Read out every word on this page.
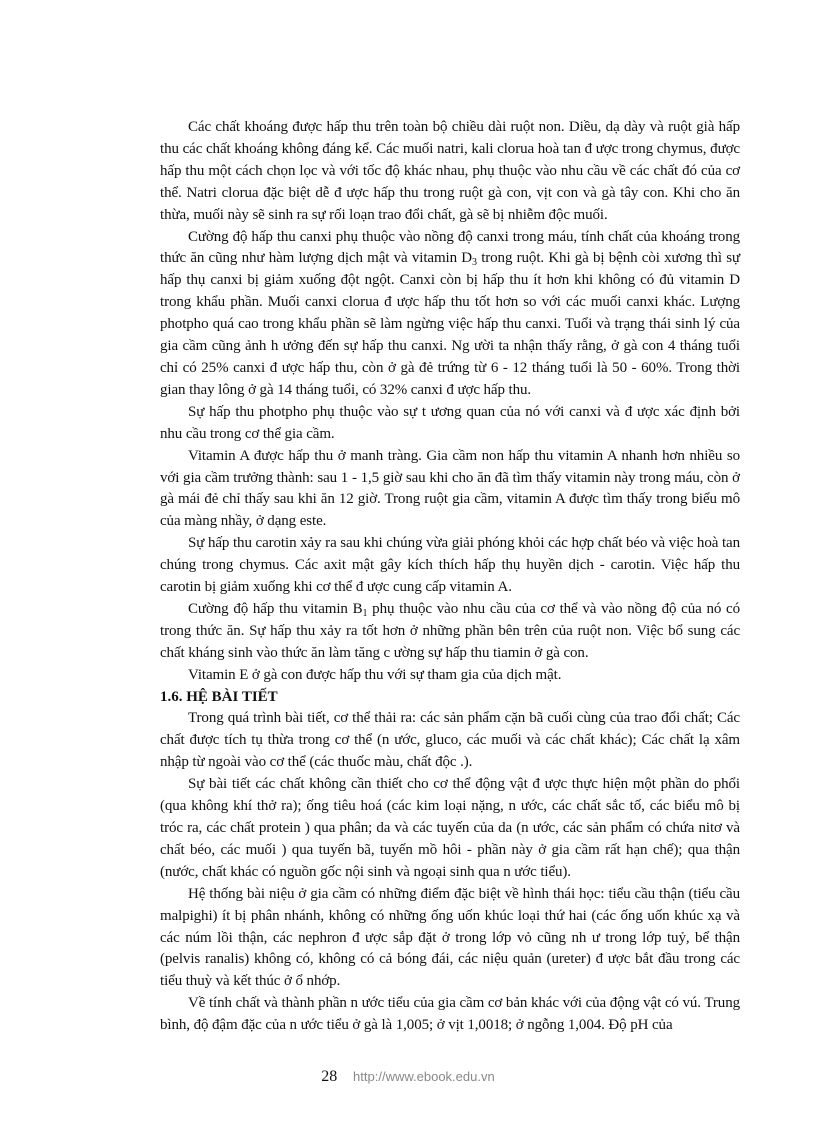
Các chất khoáng được hấp thu trên toàn bộ chiều dài ruột non. Diều, dạ dày và ruột già hấp thu các chất khoáng không đáng kể. Các muối natri, kali clorua hoà tan đ ược trong chymus, được hấp thu một cách chọn lọc và với tốc độ khác nhau, phụ thuộc vào nhu cầu về các chất đó của cơ thể. Natri clorua đặc biệt dễ đ ược hấp thu trong ruột gà con, vịt con và gà tây con. Khi cho ăn thừa, muối này sẽ sinh ra sự rối loạn trao đổi chất, gà sẽ bị nhiễm độc muối.

Cường độ hấp thu canxi phụ thuộc vào nồng độ canxi trong máu, tính chất của khoáng trong thức ăn cũng như hàm lượng dịch mật và vitamin $D_3$ trong ruột. Khi gà bị bệnh còi xương thì sự hấp thụ canxi bị giảm xuống đột ngột. Canxi còn bị hấp thu ít hơn khi không có đủ vitamin D trong khẩu phần. Muối canxi clorua đ ược hấp thu tốt hơn so với các muối canxi khác. Lượng photpho quá cao trong khẩu phần sẽ làm ngừng việc hấp thu canxi. Tuổi và trạng thái sinh lý của gia cầm cũng ảnh h ưởng đến sự hấp thu canxi. Ng ười ta nhận thấy rằng, ở gà con 4 tháng tuổi chỉ có 25% canxi đ ược hấp thu, còn ở gà đẻ trứng từ 6 - 12 tháng tuổi là 50 - 60%. Trong thời gian thay lông ở gà 14 tháng tuổi, có 32% canxi đ ược hấp thu.

Sự hấp thu photpho phụ thuộc vào sự t ương quan của nó với canxi và đ ược xác định bởi nhu cầu trong cơ thể gia cầm.

Vitamin A được hấp thu ở manh tràng. Gia cầm non hấp thu vitamin A nhanh hơn nhiều so với gia cầm trưởng thành: sau 1 - 1,5 giờ sau khi cho ăn đã tìm thấy vitamin này trong máu, còn ở gà mái đẻ chỉ thấy sau khi ăn 12 giờ. Trong ruột gia cầm, vitamin A được tìm thấy trong biểu mô của màng nhầy, ở dạng este.

Sự hấp thu carotin xảy ra sau khi chúng vừa giải phóng khỏi các hợp chất béo và việc hoà tan chúng trong chymus. Các axit mật gây kích thích hấp thụ huyền dịch - carotin. Việc hấp thu carotin bị giảm xuống khi cơ thể đ ược cung cấp vitamin A.

Cường độ hấp thu vitamin $B_1$ phụ thuộc vào nhu cầu của cơ thể và vào nồng độ của nó có trong thức ăn. Sự hấp thu xảy ra tốt hơn ở những phần bên trên của ruột non. Việc bổ sung các chất kháng sinh vào thức ăn làm tăng c ường sự hấp thu tiamin ở gà con.

Vitamin E ở gà con được hấp thu với sự tham gia của dịch mật.

1.6. HỆ BÀI TIẾT

Trong quá trình bài tiết, cơ thể thải ra: các sản phẩm cặn bã cuối cùng của trao đổi chất; Các chất được tích tụ thừa trong cơ thể (n ước, gluco, các muối và các chất khác); Các chất lạ xâm nhập từ ngoài vào cơ thể (các thuốc màu, chất độc .).

Sự bài tiết các chất không cần thiết cho cơ thể động vật đ ược thực hiện một phần do phổi (qua không khí thở ra); ống tiêu hoá (các kim loại nặng, n ước, các chất sắc tố, các biểu mô bị tróc ra, các chất protein ) qua phân; da và các tuyến của da (n ước, các sản phẩm có chứa nitơ và chất béo, các muối ) qua tuyến bã, tuyến mồ hôi - phần này ở gia cầm rất hạn chế); qua thận (nước, chất khác có nguồn gốc nội sinh và ngoại sinh qua n ước tiểu).

Hệ thống bài niệu ở gia cầm có những điểm đặc biệt về hình thái học: tiểu cầu thận (tiểu cầu malpighi) ít bị phân nhánh, không có những ống uốn khúc loại thứ hai (các ống uốn khúc xạ và các núm lồi thận, các nephron đ ược sắp đặt ở trong lớp vỏ cũng nh ư trong lớp tuỷ, bể thận (pelvis ranalis) không có, không có cả bóng đái, các niệu quản (ureter) đ ược bắt đầu trong các tiểu thuỳ và kết thúc ở ổ nhớp.

Về tính chất và thành phần n ước tiểu của gia cầm cơ bản khác với của động vật có vú. Trung bình, độ đậm đặc của n ước tiểu ở gà là 1,005; ở vịt 1,0018; ở ngỗng 1,004. Độ pH của

28 http://www.ebook.edu.vn
